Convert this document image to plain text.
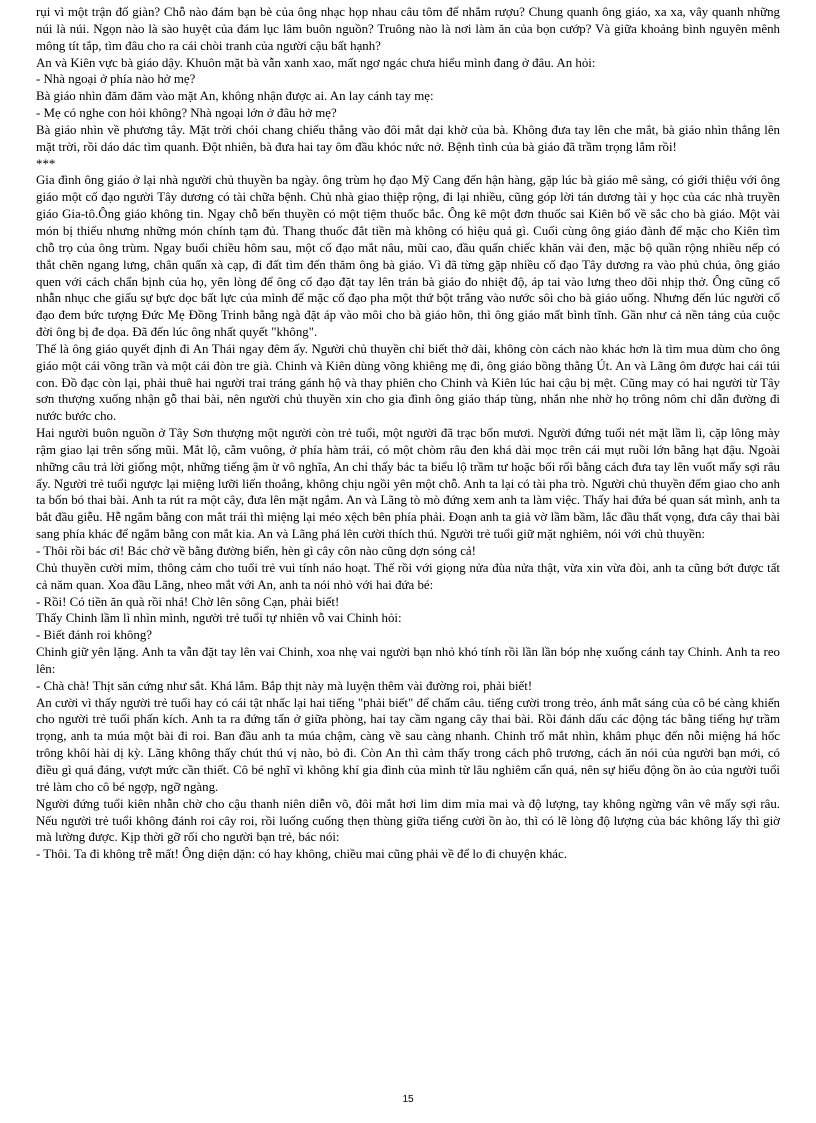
rụi vì một trận đổ giàn? Chỗ nào đám bạn bè của ông nhạc họp nhau câu tôm để nhắm rượu? Chung quanh ông giáo, xa xa, vây quanh những núi là núi. Ngọn nào là sào huyệt của đám lục lâm buôn nguồn? Truông nào là nơi làm ăn của bọn cướp? Và giữa khoảng bình nguyên mênh mông tít tắp, tìm đâu cho ra cái chòi tranh của người cậu bất hạnh?

An và Kiên vực bà giáo dậy. Khuôn mặt bà vẫn xanh xao, mất ngơ ngác chưa hiểu mình đang ở đâu. An hỏi:

- Nhà ngoại ở phía nào hở mẹ?

Bà giáo nhìn đăm đăm vào mặt An, không nhận được ai. An lay cánh tay mẹ:

- Mẹ có nghe con hỏi không? Nhà ngoại lớn ở đâu hở mẹ?

Bà giáo nhìn về phương tây. Mặt trời chói chang chiếu thẳng vào đôi mắt dại khờ của bà. Không đưa tay lên che mắt, bà giáo nhìn thẳng lên mặt trời, rồi dáo dác tìm quanh. Đột nhiên, bà đưa hai tay ôm đầu khóc nức nở. Bệnh tình của bà giáo đã trầm trọng lắm rồi!

***

Gia đình ông giáo ở lại nhà người chủ thuyền ba ngày. ông trùm họ đạo Mỹ Cang đến hận hàng, gặp lúc bà giáo mê sảng, có giới thiệu với ông giáo một cố đạo người Tây dương có tài chữa bệnh. Chủ nhà giao thiệp rộng, đi lại nhiều, cũng góp lời tán dương tài y học của các nhà truyền giáo Gia-tô.Ông giáo không tin. Ngay chỗ bến thuyền có một tiệm thuốc bắc. Ông kê một đơn thuốc sai Kiên bổ về sắc cho bà giáo. Một vài món bị thiếu nhưng những món chính tạm đủ. Thang thuốc đắt tiền mà không có hiệu quả gì. Cuối cùng ông giáo đành để mặc cho Kiên tìm chỗ trọ của ông trùm. Ngay buổi chiều hôm sau, một cố đạo mắt nâu, mũi cao, đầu quấn chiếc khăn vải đen, mặc bộ quần rộng nhiều nếp có thắt chẽn ngang lưng, chân quấn xà cạp, đi đất tìm đến thăm ông bà giáo. Vì đã từng gặp nhiều cố đạo Tây dương ra vào phủ chúa, ông giáo quen với cách chẩn bịnh của họ, yên lòng để ông cố đạo đặt tay lên trán bà giáo đo nhiệt độ, áp tai vào lưng theo dõi nhịp thở. Ông cũng cố nhẫn nhục che giấu sự bực dọc bất lực của mình để mặc cố đạo pha một thứ bột trắng vào nước sôi cho bà giáo uống. Nhưng đến lúc người cố đạo đem bức tượng Đức Mẹ Đồng Trinh bằng ngà đặt áp vào môi cho bà giáo hôn, thì ông giáo mất bình tĩnh. Gần như cả nền tảng của cuộc đời ông bị đe dọa. Đã đến lúc ông nhất quyết "không".

Thế là ông giáo quyết định đi An Thái ngay đêm ấy. Người chủ thuyền chỉ biết thở dài, không còn cách nào khác hơn là tìm mua dùm cho ông giáo một cái võng trần và một cái đòn tre già. Chinh và Kiên dùng võng khiêng mẹ đi, ông giáo bồng thằng Út. An và Lãng ôm được hai cái túi con. Đồ đạc còn lại, phải thuê hai người trai tráng gánh hộ và thay phiên cho Chinh và Kiên lúc hai cậu bị mệt. Cũng may có hai người từ Tây sơn thượng xuống nhận gỗ thai bài, nên người chủ thuyền xin cho gia đình ông giáo tháp tùng, nhắn nhe nhờ họ trông nôm chỉ dẫn đường đi nước bước cho.

Hai người buôn nguồn ở Tây Sơn thượng một người còn trẻ tuổi, một người đã trạc bốn mươi. Người đứng tuổi nét mặt lầm lì, cặp lông mày rậm giao lại trên sống mũi. Mắt lộ, cằm vuông, ở phía hàm trái, có một chòm râu đen khá dài mọc trên cái mụt ruồi lớn bằng hạt đậu. Ngoài những câu trả lời giống một, những tiếng ậm ừ vô nghĩa, An chỉ thấy bác ta biểu lộ trầm tư hoặc bối rối bằng cách đưa tay lên vuốt mấy sợi râu ấy. Người trẻ tuổi ngược lại miệng lưỡi liến thoắng, không chịu ngồi yên một chỗ. Anh ta lại có tài pha trò. Người chủ thuyền đếm giao cho anh ta bốn bó thai bài. Anh ta rút ra một cây, đưa lên mặt ngắm. An và Lãng tò mò đứng xem anh ta làm việc. Thấy hai đứa bé quan sát mình, anh ta bắt đầu giễu. Hễ ngắm bằng con mắt trái thì miệng lại méo xệch bên phía phải. Đoạn anh ta giả vờ lầm bầm, lắc đầu thất vọng, đưa cây thai bài sang phía khác để ngắm bằng con mắt kia. An và Lãng phá lên cười thích thú. Người trẻ tuổi giữ mặt nghiêm, nói với chủ thuyền:

- Thôi rồi bác ơi! Bác chở về bằng đường biển, hèn gì cây côn nào cũng dợn sóng cả!

Chủ thuyền cười mỉm, thông cảm cho tuổi trẻ vui tính náo hoạt. Thế rồi với giọng nửa đùa nửa thật, vừa xin vừa đòi, anh ta cũng bớt được tất cả năm quan. Xoa đầu Lãng, nheo mắt với An, anh ta nói nhỏ với hai đứa bé:

- Rồi! Có tiền ăn quà rồi nhá! Chờ lên sông Cạn, phải biết!

Thấy Chinh lầm lì nhìn mình, người trẻ tuổi tự nhiên vỗ vai Chinh hỏi:

- Biết đánh roi không?

Chinh giữ yên lặng. Anh ta vẫn đặt tay lên vai Chinh, xoa nhẹ vai người bạn nhỏ khó tính rồi lần lần bóp nhẹ xuống cánh tay Chinh. Anh ta reo lên:

- Chà chà! Thịt săn cứng như sắt. Khá lắm. Bắp thịt này mà luyện thêm vài đường roi, phải biết!

An cười vì thấy người trẻ tuổi hay có cái tật nhấc lại hai tiếng "phải biết" để chấm câu. tiếng cười trong trẻo, ánh mắt sáng của cô bé càng khiến cho người trẻ tuổi phấn kích. Anh ta ra đứng tấn ở giữa phòng, hai tay cầm ngang cây thai bài. Rồi đánh dấu các động tác bằng tiếng hự trầm trọng, anh ta múa một bài đi roi. Ban đầu anh ta múa chậm, càng về sau càng nhanh. Chinh trố mắt nhìn, khâm phục đến nỗi miệng há hốc trông khôi hài dị kỳ. Lãng không thấy chút thú vị nào, bỏ đi. Còn An thì cảm thấy trong cách phô trương, cách ăn nói của người bạn mới, có điều gì quá đáng, vượt mức cần thiết. Cô bé nghĩ vì không khí gia đình của mình từ lâu nghiêm cẩn quá, nên sự hiếu động ồn ào của người tuổi trẻ làm cho cô bé ngợp, ngỡ ngàng.

Người đứng tuổi kiên nhẫn chờ cho cậu thanh niên diễn võ, đôi mắt hơi lim dim mỉa mai và độ lượng, tay không ngừng vân vê mấy sợi râu. Nếu người trẻ tuổi không đánh roi cây roi, rồi luống cuống thẹn thùng giữa tiếng cười ồn ào, thì có lẽ lòng độ lượng của bác không lấy thì giờ mà lường được. Kịp thời gỡ rối cho người bạn trẻ, bác nói:

- Thôi. Ta đi không trễ mất! Ông diện dặn: có hay không, chiều mai cũng phải về để lo đi chuyện khác.

15
